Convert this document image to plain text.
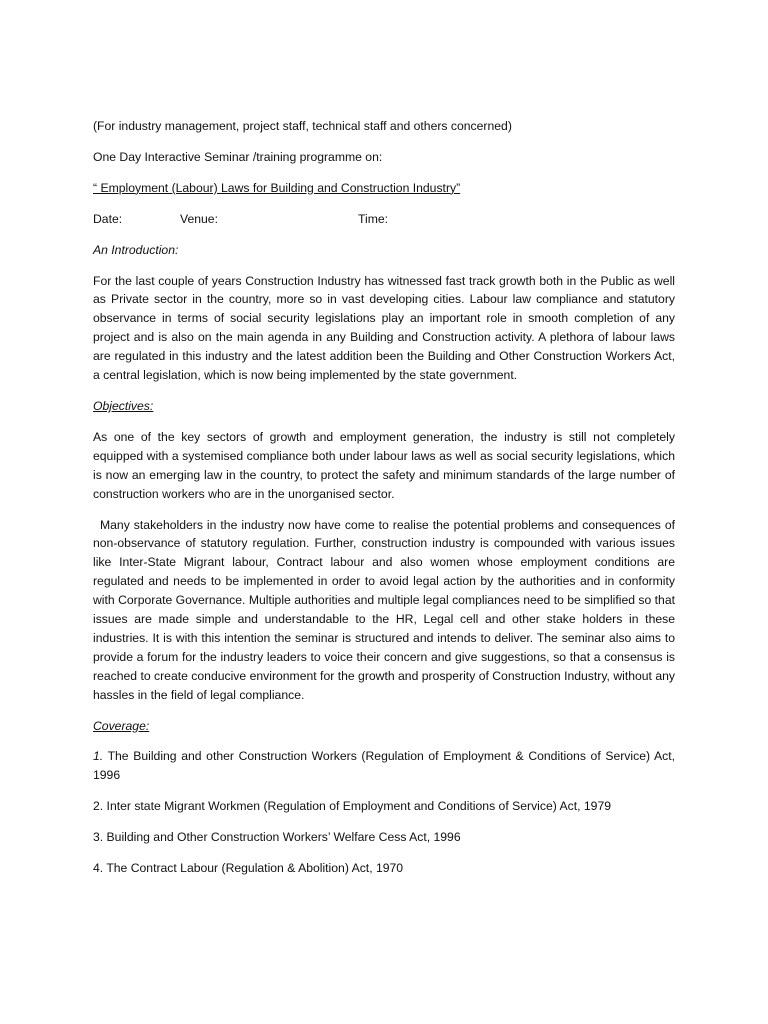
(For industry management, project staff, technical staff and others concerned)

One Day Interactive Seminar /training programme on:

“ Employment (Labour) Laws for Building and Construction Industry”

Date:	Venue:	Time:

An Introduction:

For the last couple of years Construction Industry has witnessed fast track growth both in the Public as well as Private sector in the country, more so in vast developing cities. Labour law compliance and statutory observance in terms of social security legislations play an important role in smooth completion of any project and is also on the main agenda in any Building and Construction activity. A plethora of labour laws are regulated in this industry and the latest addition been the Building and Other Construction Workers Act, a central legislation, which is now being implemented by the state government.

Objectives:

As one of the key sectors of growth and employment generation, the industry is still not completely equipped with a systemised compliance both under labour laws as well as social security legislations, which is now an emerging law in the country, to protect the safety and minimum standards of the large number of construction workers who are in the unorganised sector.

Many stakeholders in the industry now have come to realise the potential problems and consequences of non-observance of statutory regulation. Further, construction industry is compounded with various issues like Inter-State Migrant labour, Contract labour and also women whose employment conditions are regulated and needs to be implemented in order to avoid legal action by the authorities and in conformity with Corporate Governance. Multiple authorities and multiple legal compliances need to be simplified so that issues are made simple and understandable to the HR, Legal cell and other stake holders in these industries. It is with this intention the seminar is structured and intends to deliver. The seminar also aims to provide a forum for the industry leaders to voice their concern and give suggestions, so that a consensus is reached to create conducive environment for the growth and prosperity of Construction Industry, without any hassles in the field of legal compliance.

Coverage:

1. The Building and other Construction Workers (Regulation of Employment & Conditions of Service) Act, 1996

2. Inter state Migrant Workmen (Regulation of Employment and Conditions of Service) Act, 1979

3. Building and Other Construction Workers’ Welfare Cess Act, 1996

4. The Contract Labour (Regulation & Abolition) Act, 1970
